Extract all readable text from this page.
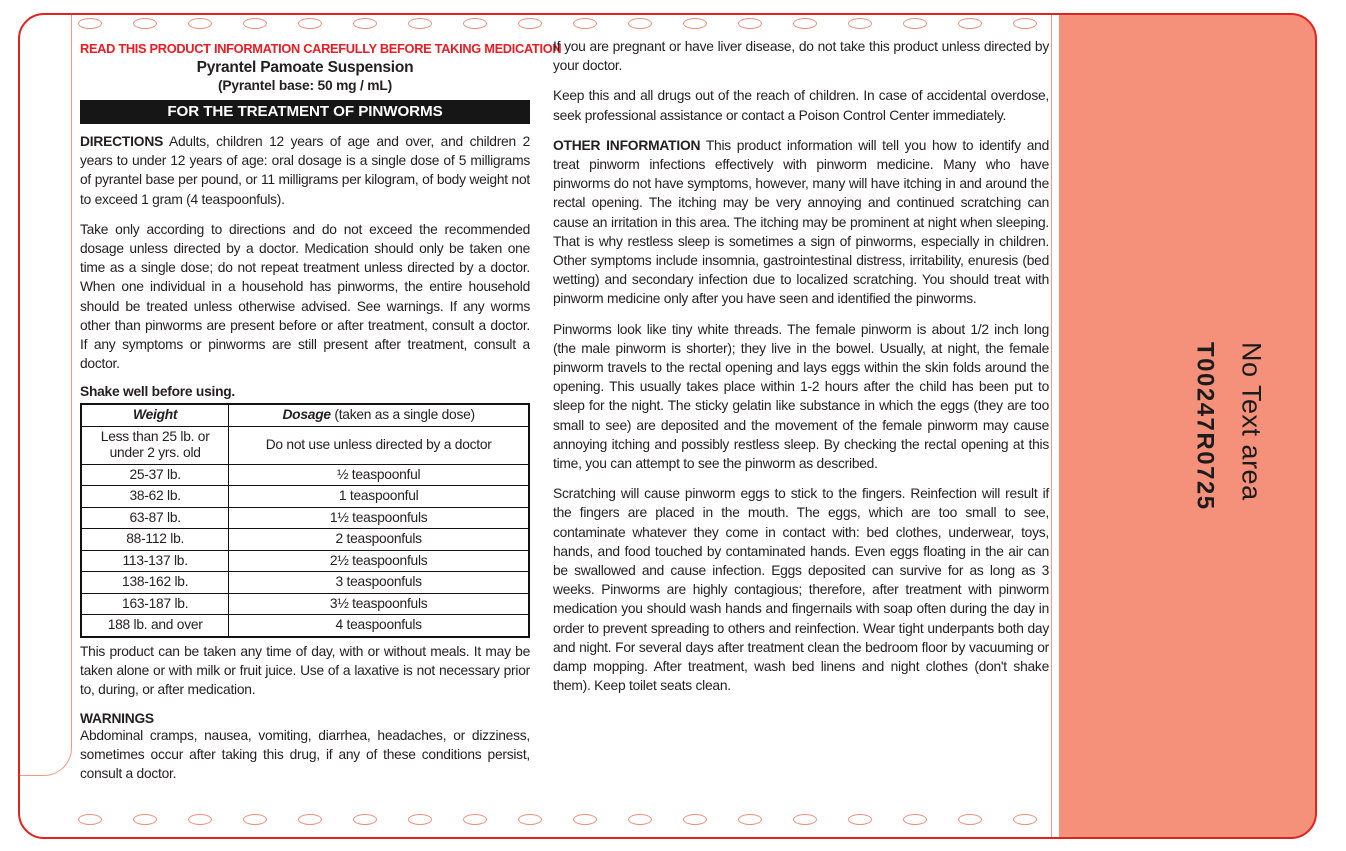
READ THIS PRODUCT INFORMATION CAREFULLY BEFORE TAKING MEDICATION
Pyrantel Pamoate Suspension
(Pyrantel base: 50 mg / mL)
FOR THE TREATMENT OF PINWORMS

DIRECTIONS Adults, children 12 years of age and over, and children 2 years to under 12 years of age: oral dosage is a single dose of 5 milligrams of pyrantel base per pound, or 11 milligrams per kilogram, of body weight not to exceed 1 gram (4 teaspoonfuls).

Take only according to directions and do not exceed the recommended dosage unless directed by a doctor. Medication should only be taken one time as a single dose; do not repeat treatment unless directed by a doctor. When one individual in a household has pinworms, the entire household should be treated unless otherwise advised. See warnings. If any worms other than pinworms are present before or after treatment, consult a doctor. If any symptoms or pinworms are still present after treatment, consult a doctor.

Shake well before using.
Weight	Dosage (taken as a single dose)
Less than 25 lb. or under 2 yrs. old	Do not use unless directed by a doctor
25-37 lb.	½ teaspoonful
38-62 lb.	1 teaspoonful
63-87 lb.	1½ teaspoonfuls
88-112 lb.	2 teaspoonfuls
113-137 lb.	2½ teaspoonfuls
138-162 lb.	3 teaspoonfuls
163-187 lb.	3½ teaspoonfuls
188 lb. and over	4 teaspoonfuls

This product can be taken any time of day, with or without meals. It may be taken alone or with milk or fruit juice. Use of a laxative is not necessary prior to, during, or after medication.

WARNINGS

Abdominal cramps, nausea, vomiting, diarrhea, headaches, or dizziness, sometimes occur after taking this drug, if any of these conditions persist, consult a doctor.

If you are pregnant or have liver disease, do not take this product unless directed by your doctor.

Keep this and all drugs out of the reach of children. In case of accidental overdose, seek professional assistance or contact a Poison Control Center immediately.

OTHER INFORMATION This product information will tell you how to identify and treat pinworm infections effectively with pinworm medicine. Many who have pinworms do not have symptoms, however, many will have itching in and around the rectal opening. The itching may be very annoying and continued scratching can cause an irritation in this area. The itching may be prominent at night when sleeping. That is why restless sleep is sometimes a sign of pinworms, especially in children. Other symptoms include insomnia, gastrointestinal distress, irritability, enuresis (bed wetting) and secondary infection due to localized scratching. You should treat with pinworm medicine only after you have seen and identified the pinworms.

Pinworms look like tiny white threads. The female pinworm is about 1/2 inch long (the male pinworm is shorter); they live in the bowel. Usually, at night, the female pinworm travels to the rectal opening and lays eggs within the skin folds around the opening. This usually takes place within 1-2 hours after the child has been put to sleep for the night. The sticky gelatin like substance in which the eggs (they are too small to see) are deposited and the movement of the female pinworm may cause annoying itching and possibly restless sleep. By checking the rectal opening at this time, you can attempt to see the pinworm as described.

Scratching will cause pinworm eggs to stick to the fingers. Reinfection will result if the fingers are placed in the mouth. The eggs, which are too small to see, contaminate whatever they come in contact with: bed clothes, underwear, toys, hands, and food touched by contaminated hands. Even eggs floating in the air can be swallowed and cause infection. Eggs deposited can survive for as long as 3 weeks. Pinworms are highly contagious; therefore, after treatment with pinworm medication you should wash hands and fingernails with soap often during the day in order to prevent spreading to others and reinfection. Wear tight underpants both day and night. For several days after treatment clean the bedroom floor by vacuuming or damp mopping. After treatment, wash bed linens and night clothes (don't shake them). Keep toilet seats clean.

No Text area
T00247R0725
